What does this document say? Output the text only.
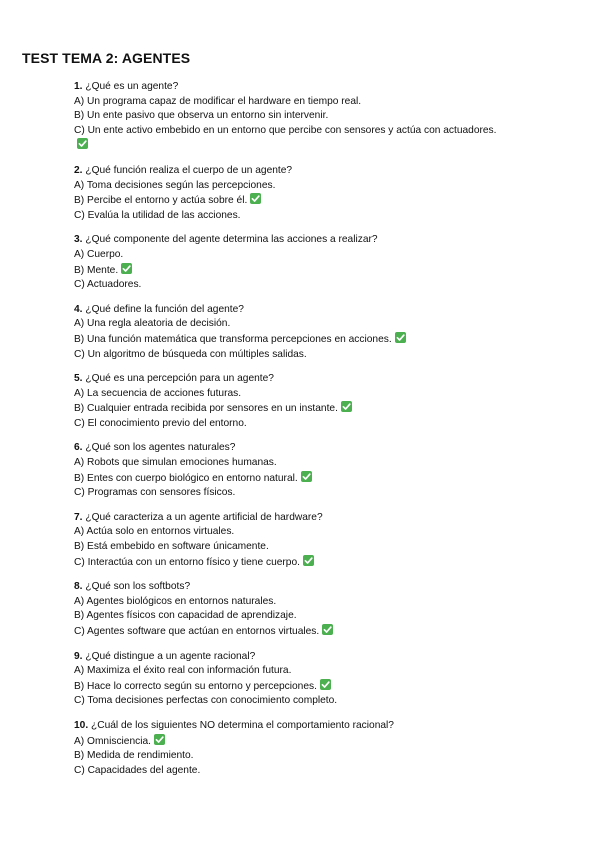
TEST TEMA 2: AGENTES
1. ¿Qué es un agente?
A) Un programa capaz de modificar el hardware en tiempo real.
B) Un ente pasivo que observa un entorno sin intervenir.
C) Un ente activo embebido en un entorno que percibe con sensores y actúa con actuadores.
2. ¿Qué función realiza el cuerpo de un agente?
A) Toma decisiones según las percepciones.
B) Percibe el entorno y actúa sobre él.
C) Evalúa la utilidad de las acciones.
3. ¿Qué componente del agente determina las acciones a realizar?
A) Cuerpo.
B) Mente.
C) Actuadores.
4. ¿Qué define la función del agente?
A) Una regla aleatoria de decisión.
B) Una función matemática que transforma percepciones en acciones.
C) Un algoritmo de búsqueda con múltiples salidas.
5. ¿Qué es una percepción para un agente?
A) La secuencia de acciones futuras.
B) Cualquier entrada recibida por sensores en un instante.
C) El conocimiento previo del entorno.
6. ¿Qué son los agentes naturales?
A) Robots que simulan emociones humanas.
B) Entes con cuerpo biológico en entorno natural.
C) Programas con sensores físicos.
7. ¿Qué caracteriza a un agente artificial de hardware?
A) Actúa solo en entornos virtuales.
B) Está embebido en software únicamente.
C) Interactúa con un entorno físico y tiene cuerpo.
8. ¿Qué son los softbots?
A) Agentes biológicos en entornos naturales.
B) Agentes físicos con capacidad de aprendizaje.
C) Agentes software que actúan en entornos virtuales.
9. ¿Qué distingue a un agente racional?
A) Maximiza el éxito real con información futura.
B) Hace lo correcto según su entorno y percepciones.
C) Toma decisiones perfectas con conocimiento completo.
10. ¿Cuál de los siguientes NO determina el comportamiento racional?
A) Omnisciencia.
B) Medida de rendimiento.
C) Capacidades del agente.
